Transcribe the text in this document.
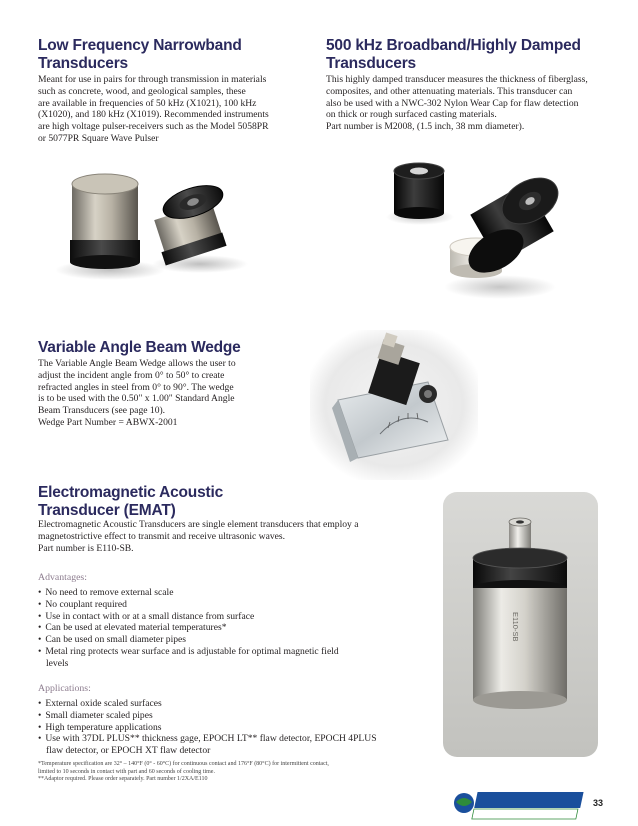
Low Frequency Narrowband
Transducers

Meant for use in pairs for through transmission in materials
such as concrete, wood, and geological samples, these
are available in frequencies of 50 kHz (X1021), 100 kHz
(X1020), and 180 kHz (X1019). Recommended instruments
are high voltage pulser-receivers such as the Model 5058PR
or 5077PR Square Wave Pulser

500 kHz Broadband/Highly Damped
Transducers

This highly damped transducer measures the thickness of fiberglass,
composites, and other attenuating materials. This transducer can
also be used with a NWC-302 Nylon Wear Cap for flaw detection
on thick or rough surfaced casting materials.
Part number is M2008, (1.5 inch, 38 mm diameter).

Variable Angle Beam Wedge

The Variable Angle Beam Wedge allows the user to
adjust the incident angle from 0° to 50° to create
refracted angles in steel from 0° to 90°. The wedge
is to be used with the 0.50" x 1.00" Standard Angle
Beam Transducers (see page 10).
Wedge Part Number = ABWX-2001

Electromagnetic Acoustic
Transducer (EMAT)

Electromagnetic Acoustic Transducers are single element transducers that employ a
magnetostrictive effect to transmit and receive ultrasonic waves.
Part number is E110-SB.

Advantages:

• No need to remove external scale
• No couplant required
• Use in contact with or at a small distance from surface
• Can be used at elevated material temperatures*
• Can be used on small diameter pipes
• Metal ring protects wear surface and is adjustable for optimal magnetic field
levels

Applications:

• External oxide scaled surfaces
• Small diameter scaled pipes
• High temperature applications
• Use with 37DL PLUS** thickness gage, EPOCH LT** flaw detector, EPOCH 4PLUS
flaw detector, or EPOCH XT flaw detector

*Temperature specification are 32° – 140°F (0° - 60°C) for continuous contact and 176°F (80°C) for intermittent contact,
limited to 10 seconds in contact with part and 60 seconds of cooling time.
**Adaptor required. Please order separately. Part number 1/2XA/E110

E110-SB

33
